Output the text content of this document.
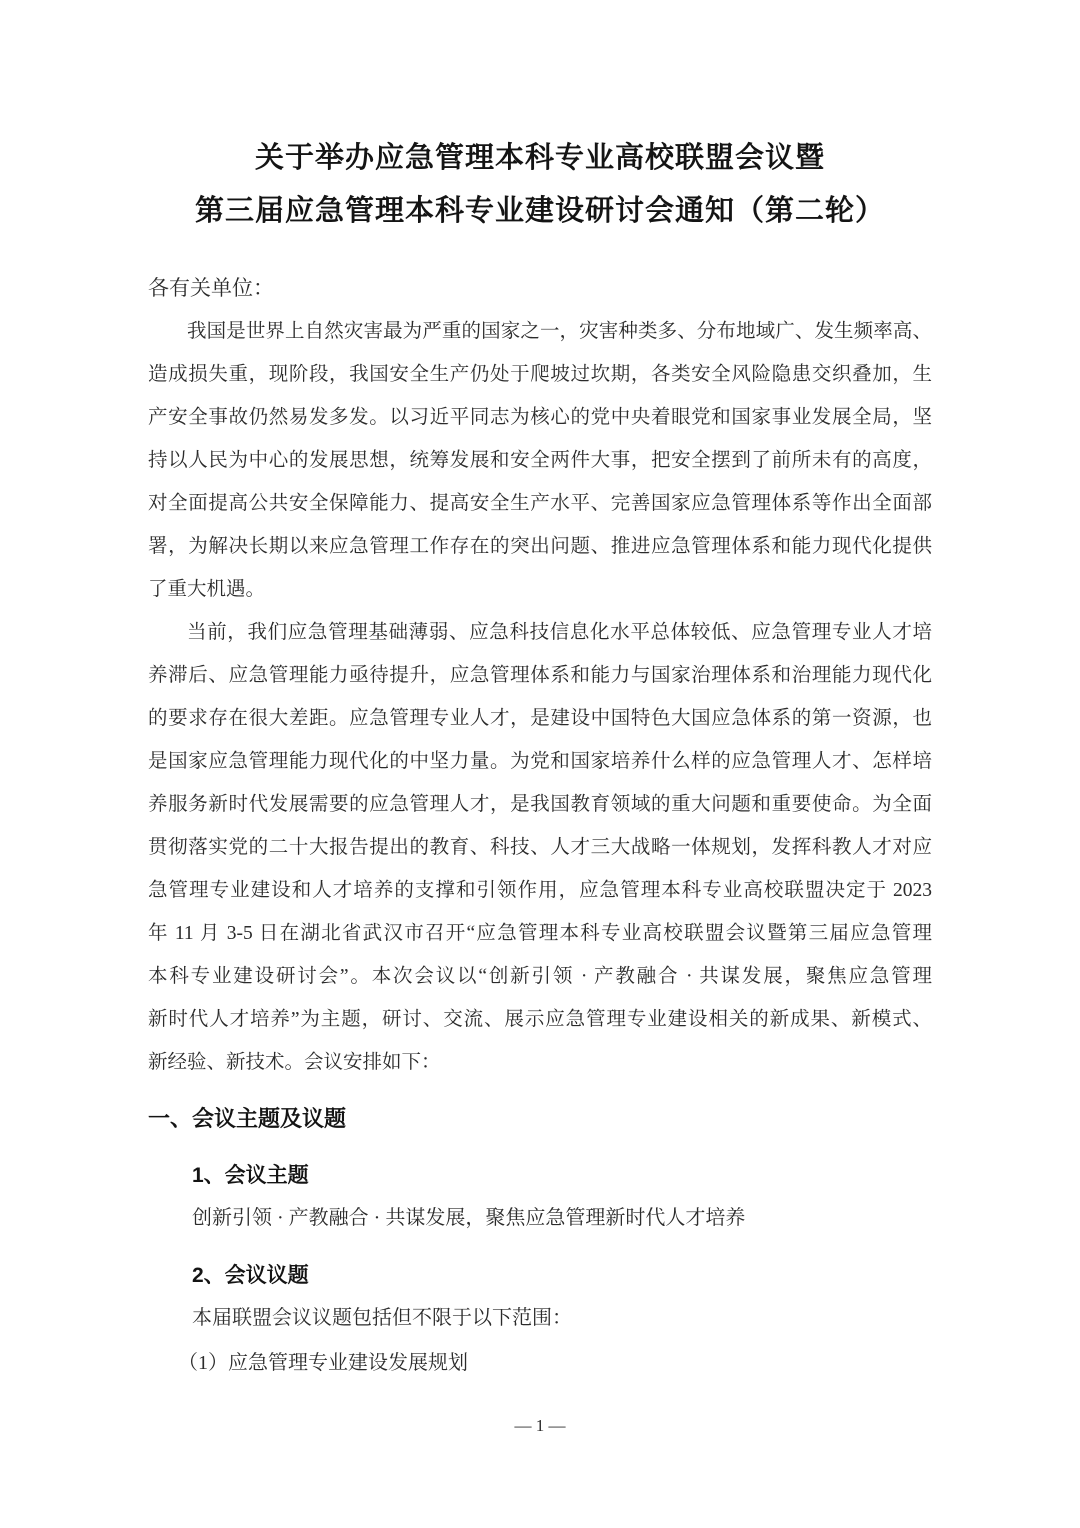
关于举办应急管理本科专业高校联盟会议暨
第三届应急管理本科专业建设研讨会通知（第二轮）
各有关单位：
我国是世界上自然灾害最为严重的国家之一，灾害种类多、分布地域广、发生频率高、
造成损失重，现阶段，我国安全生产仍处于爬坡过坎期，各类安全风险隐患交织叠加，生
产安全事故仍然易发多发。以习近平同志为核心的党中央着眼党和国家事业发展全局，坚
持以人民为中心的发展思想，统筹发展和安全两件大事，把安全摆到了前所未有的高度，
对全面提高公共安全保障能力、提高安全生产水平、完善国家应急管理体系等作出全面部
署，为解决长期以来应急管理工作存在的突出问题、推进应急管理体系和能力现代化提供
了重大机遇。
当前，我们应急管理基础薄弱、应急科技信息化水平总体较低、应急管理专业人才培
养滞后、应急管理能力亟待提升，应急管理体系和能力与国家治理体系和治理能力现代化
的要求存在很大差距。应急管理专业人才，是建设中国特色大国应急体系的第一资源，也
是国家应急管理能力现代化的中坚力量。为党和国家培养什么样的应急管理人才、怎样培
养服务新时代发展需要的应急管理人才，是我国教育领域的重大问题和重要使命。为全面
贯彻落实党的二十大报告提出的教育、科技、人才三大战略一体规划，发挥科教人才对应
急管理专业建设和人才培养的支撑和引领作用，应急管理本科专业高校联盟决定于 2023
年 11 月 3-5 日在湖北省武汉市召开“应急管理本科专业高校联盟会议暨第三届应急管理
本科专业建设研讨会”。本次会议以“创新引领 · 产教融合 · 共谋发展，聚焦应急管理
新时代人才培养”为主题，研讨、交流、展示应急管理专业建设相关的新成果、新模式、
新经验、新技术。会议安排如下：
一、会议主题及议题
1、会议主题
创新引领 · 产教融合 · 共谋发展，聚焦应急管理新时代人才培养
2、会议议题
本届联盟会议议题包括但不限于以下范围：
（1）应急管理专业建设发展规划
— 1 —
